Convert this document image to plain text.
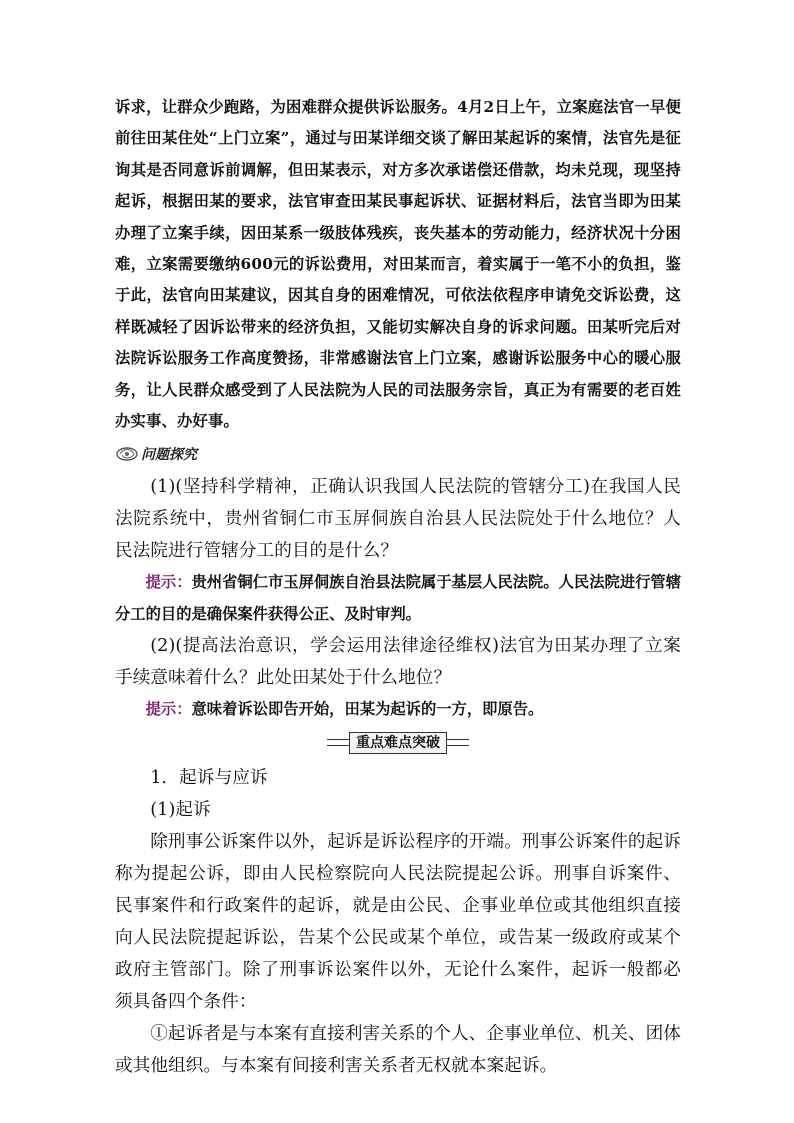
诉求，让群众少跑路，为困难群众提供诉讼服务。4月2日上午，立案庭法官一早便前往田某住处“上门立案”，通过与田某详细交谈了解田某起诉的案情，法官先是征询其是否同意诉前调解，但田某表示，对方多次承诺偿还借款，均未兑现，现坚持起诉，根据田某的要求，法官审查田某民事起诉状、证据材料后，法官当即为田某办理了立案手续，因田某系一级肢体残疾，丧失基本的劳动能力，经济状况十分困难，立案需要缴纳600元的诉讼费用，对田某而言，着实属于一笔不小的负担，鉴于此，法官向田某建议，因其自身的困难情况，可依法依程序申请免交诉讼费，这样既减轻了因诉讼带来的经济负担，又能切实解决自身的诉求问题。田某听完后对法院诉讼服务工作高度赞扬，非常感谢法官上门立案，感谢诉讼服务中心的暖心服务，让人民群众感受到了人民法院为人民的司法服务宗旨，真正为有需要的老百姓办实事、办好事。

问题探究

(1)(坚持科学精神，正确认识我国人民法院的管辖分工)在我国人民法院系统中，贵州省铜仁市玉屏侗族自治县人民法院处于什么地位？人民法院进行管辖分工的目的是什么？

提示：贵州省铜仁市玉屏侗族自治县法院属于基层人民法院。人民法院进行管辖分工的目的是确保案件获得公正、及时审判。

(2)(提高法治意识，学会运用法律途径维权)法官为田某办理了立案手续意味着什么？此处田某处于什么地位？

提示：意味着诉讼即告开始，田某为起诉的一方，即原告。

重点难点突破

1．起诉与应诉

(1)起诉

除刑事公诉案件以外，起诉是诉讼程序的开端。刑事公诉案件的起诉称为提起公诉，即由人民检察院向人民法院提起公诉。刑事自诉案件、民事案件和行政案件的起诉，就是由公民、企事业单位或其他组织直接向人民法院提起诉讼，告某个公民或某个单位，或告某一级政府或某个政府主管部门。除了刑事诉讼案件以外，无论什么案件，起诉一般都必须具备四个条件：

①起诉者是与本案有直接利害关系的个人、企事业单位、机关、团体或其他组织。与本案有间接利害关系者无权就本案起诉。
